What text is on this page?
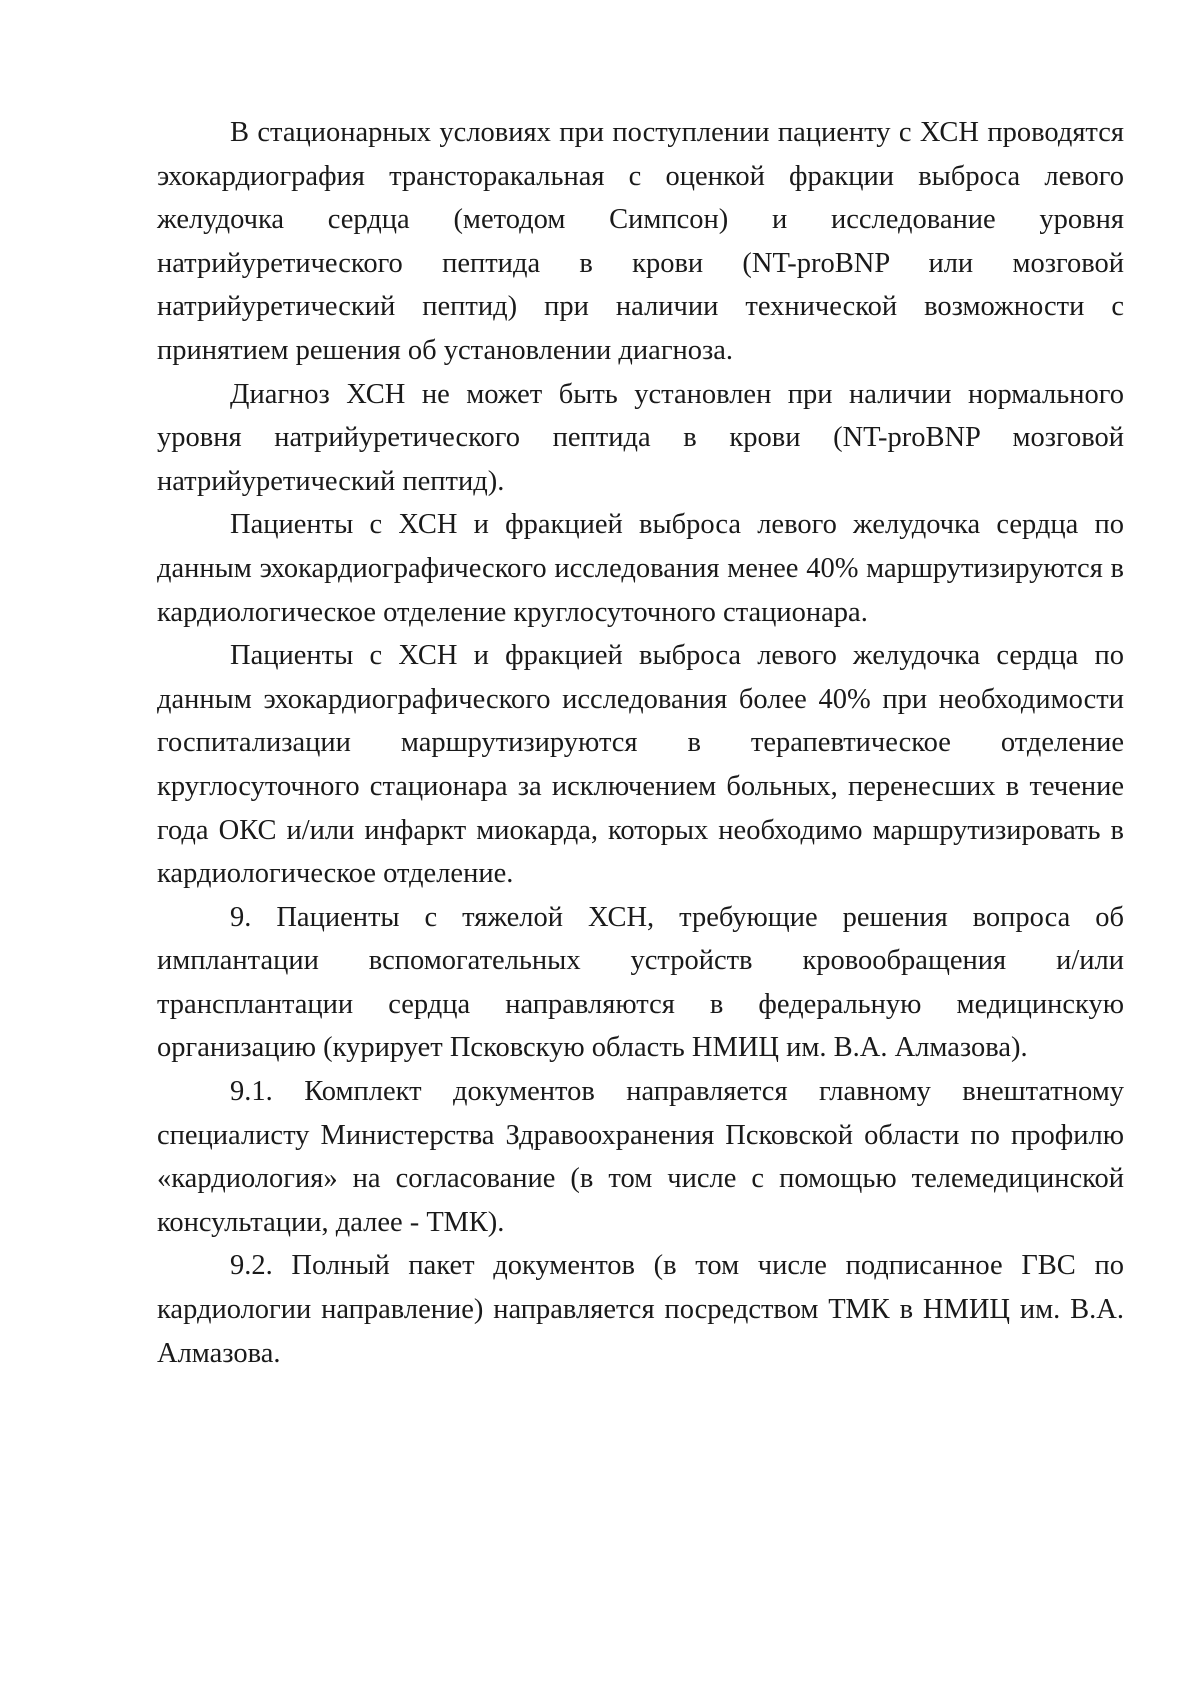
В стационарных условиях при поступлении пациенту с ХСН проводятся эхокардиография трансторакальная с оценкой фракции выброса левого желудочка сердца (методом Симпсон) и исследование уровня натрийуретического пептида в крови (NT-proBNP или мозговой натрийуретический пептид) при наличии технической возможности с принятием решения об установлении диагноза.

Диагноз ХСН не может быть установлен при наличии нормального уровня натрийуретического пептида в крови (NT-proBNP мозговой натрийуретический пептид).

Пациенты с ХСН и фракцией выброса левого желудочка сердца по данным эхокардиографического исследования менее 40% маршрутизируются в кардиологическое отделение круглосуточного стационара.

Пациенты с ХСН и фракцией выброса левого желудочка сердца по данным эхокардиографического исследования более 40% при необходимости госпитализации маршрутизируются в терапевтическое отделение круглосуточного стационара за исключением больных, перенесших в течение года ОКС и/или инфаркт миокарда, которых необходимо маршрутизировать в кардиологическое отделение.

9. Пациенты с тяжелой ХСН, требующие решения вопроса об имплантации вспомогательных устройств кровообращения и/или трансплантации сердца направляются в федеральную медицинскую организацию (курирует Псковскую область НМИЦ им. В.А. Алмазова).

9.1. Комплект документов направляется главному внештатному специалисту Министерства Здравоохранения Псковской области по профилю «кардиология» на согласование (в том числе с помощью телемедицинской консультации, далее - ТМК).

9.2. Полный пакет документов (в том числе подписанное ГВС по кардиологии направление) направляется посредством ТМК в НМИЦ им. В.А. Алмазова.
